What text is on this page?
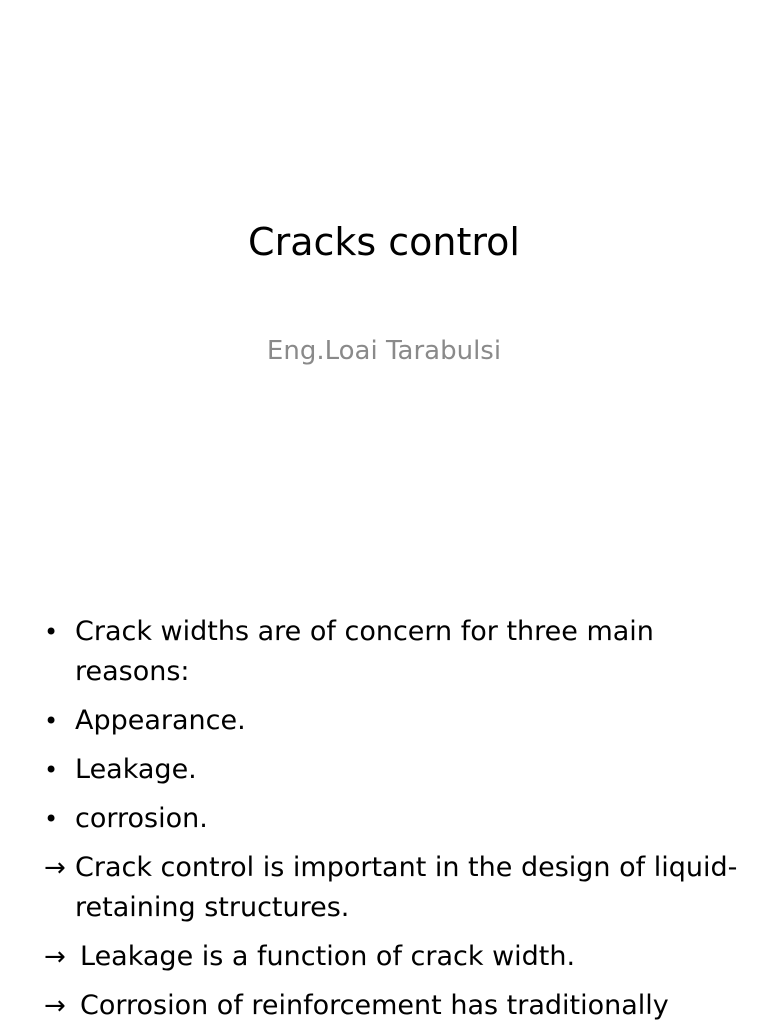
Cracks control

Eng.Loai Tarabulsi

• Crack widths are of concern for three main reasons:
• Appearance.
• Leakage.
• corrosion.
→ Crack control is important in the design of liquid-retaining structures.
→ Leakage is a function of crack width.
→ Corrosion of reinforcement has traditionally
